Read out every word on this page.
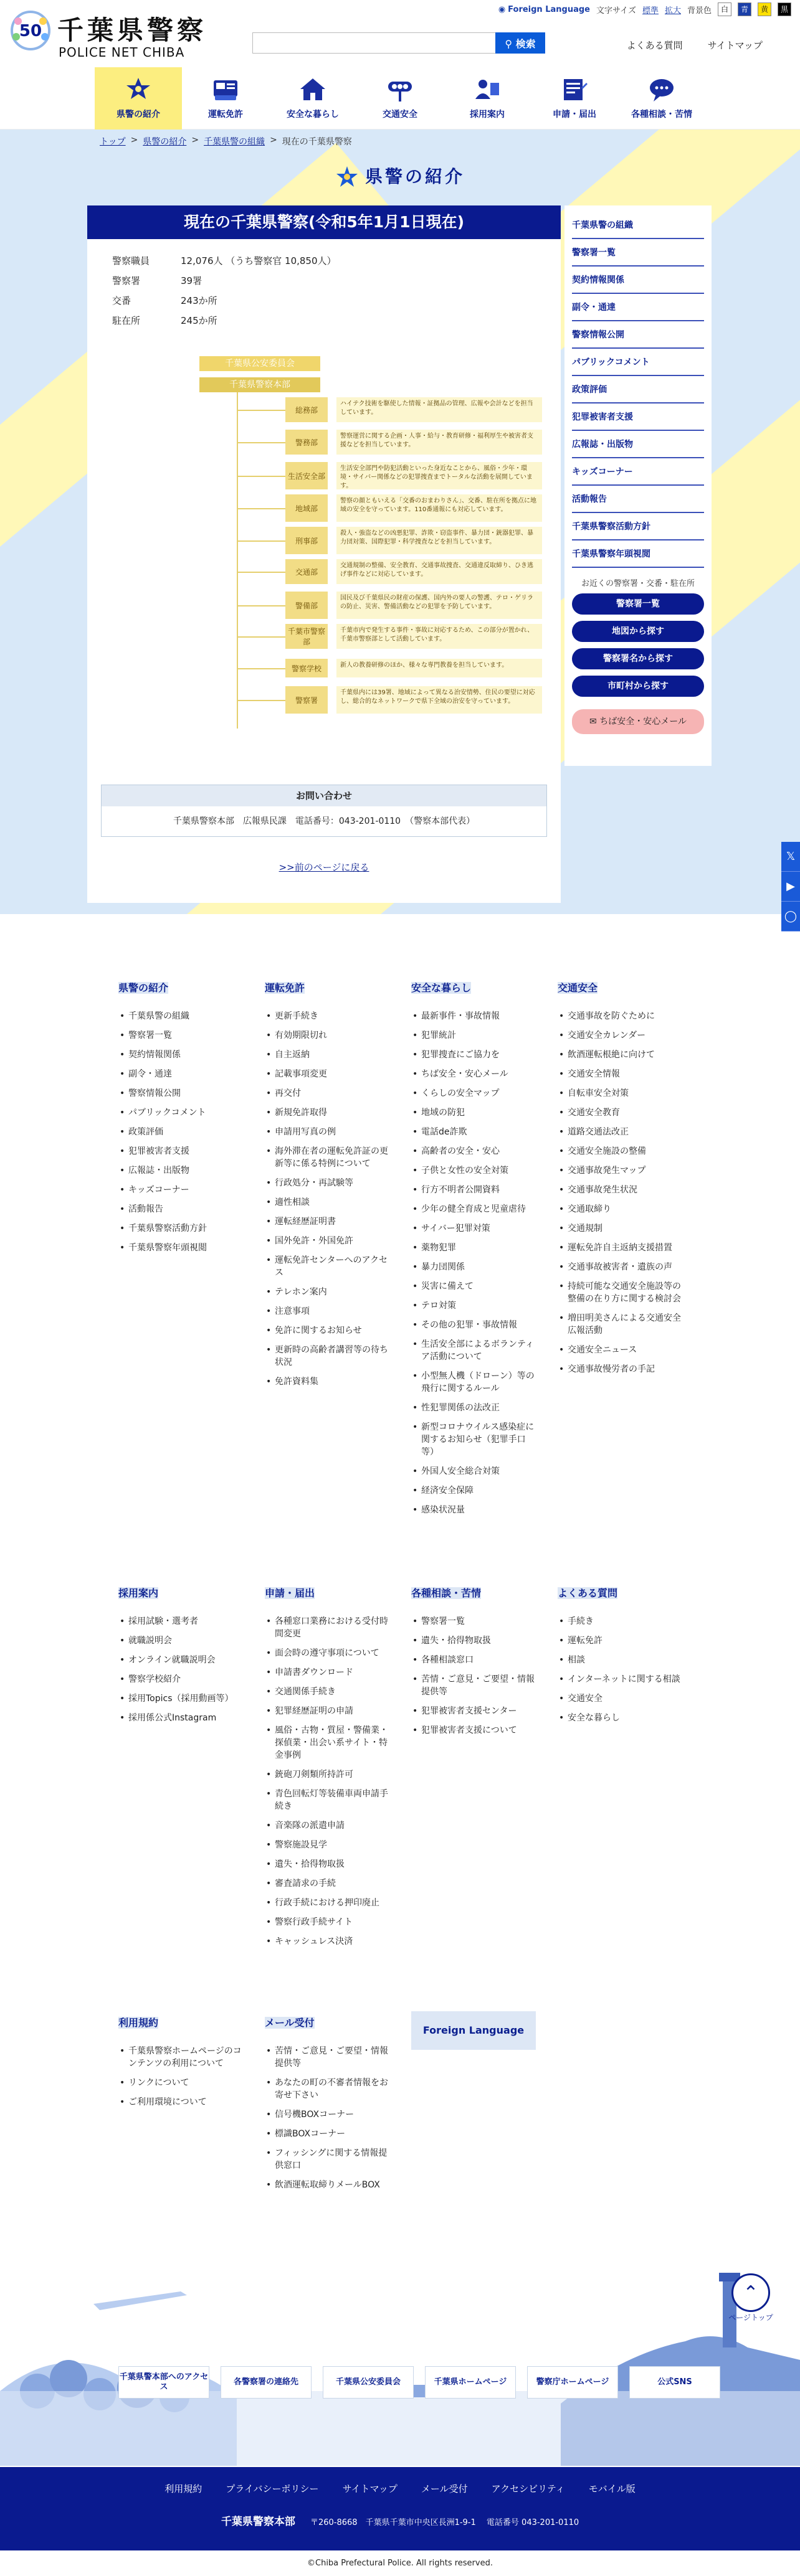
50 千葉県警察
POLICE NET CHIBA
◉ Foreign Language 文字サイズ 標準 拡大 背景色	白	青	黄	黒
⚲ 検索	よくある質問	サイトマップ
県警の紹介	運転免許	安全な暮らし	交通安全	採用案内	申請・届出	各種相談・苦情
トップ > 県警の紹介 > 千葉県警の組織 > 現在の千葉県警察
県警の紹介
現在の千葉県警察(令和5年1月1日現在)
警察職員	12,076人 （うち警察官 10,850人）
警察署	39署
交番	243か所
駐在所	245か所
千葉県公安委員会
千葉県警察本部
総務部
ハイテク技術を駆使した情報・証拠品の管理、広報や会計などを担当しています。
警務部
警察運営に関する企画・人事・給与・教育研修・福利厚生や被害者支援などを担当しています。
生活安全部
生活安全部門や防犯活動といった身近なことから、風俗・少年・環境・サイバー関係などの犯罪捜査までトータルな活動を展開しています。
地域部
警察の顔ともいえる「交番のおまわりさん」、交番、駐在所を拠点に地域の安全を守っています。110番通報にも対応しています。
刑事部
殺人・強盗などの凶悪犯罪、詐欺・窃盗事件、暴力団・銃器犯罪、暴力団対策、国際犯罪・科学捜査などを担当しています。
交通部
交通規制の整備、安全教育、交通事故捜査、交通違反取締り、ひき逃げ事件などに対応しています。
警備部
国民及び千葉県民の財産の保護、国内外の要人の警護、テロ・ゲリラの防止、災害、警備活動などの犯罪を予防しています。
千葉市警察部
千葉市内で発生する事件・事故に対応するため、この部分が置かれ、千葉市警察部として活動しています。
警察学校	新人の教養研修のほか、様々な専門教養を担当しています。
警察署
千葉県内には39署、地域によって異なる治安情勢、住民の要望に対応し、総合的なネットワークで県下全域の治安を守っています。
お問い合わせ
千葉県警察本部　広報県民課　電話番号：043-201-0110　（警察本部代表）
>>前のページに戻る
千葉県警の組織
警察署一覧
契約情報関係
副令・通達
警察情報公開
パブリックコメント
政策評価
犯罪被害者支援
広報誌・出版物
キッズコーナー
活動報告
千葉県警察活動方針
千葉県警察年頭視閲
お近くの警察署・交番・駐在所
警察署一覧
地図から探す
警察署名から探す
市町村から探す
✉ ちば安全・安心メール
𝕏
▶
◯
県警の紹介
• 千葉県警の組織
• 警察署一覧
• 契約情報関係
• 副令・通達
• 警察情報公開
• パブリックコメント
• 政策評価
• 犯罪被害者支援
• 広報誌・出版物
• キッズコーナー
• 活動報告
• 千葉県警察活動方針
• 千葉県警察年頭視閲
運転免許
• 更新手続き
• 有効期限切れ
• 自主返納
• 記載事項変更
• 再交付
• 新規免許取得
• 申請用写真の例
• 海外滞在者の運転免許証の更新等に係る特例について
• 行政処分・再試験等
• 適性相談
• 運転経歴証明書
• 国外免許・外国免許
• 運転免許センターへのアクセス
• テレホン案内
• 注意事項
• 免許に関するお知らせ
• 更新時の高齢者講習等の待ち状況
• 免許資料集
安全な暮らし
• 最新事件・事故情報
• 犯罪統計
• 犯罪捜査にご協力を
• ちば安全・安心メール
• くらしの安全マップ
• 地域の防犯
• 電話de詐欺
• 高齢者の安全・安心
• 子供と女性の安全対策
• 行方不明者公開資料
• 少年の健全育成と児童虐待
• サイバー犯罪対策
• 薬物犯罪
• 暴力団関係
• 災害に備えて
• テロ対策
• その他の犯罪・事故情報
• 生活安全部によるボランティア活動について
• 小型無人機（ドローン）等の飛行に関するルール
• 性犯罪関係の法改正
• 新型コロナウイルス感染症に関するお知らせ（犯罪手口等）
• 外国人安全総合対策
• 経済安全保障
• 感染状況量
交通安全
• 交通事故を防ぐために
• 交通安全カレンダー
• 飲酒運転根絶に向けて
• 交通安全情報
• 自転車安全対策
• 交通安全教育
• 道路交通法改正
• 交通安全施設の整備
• 交通事故発生マップ
• 交通事故発生状況
• 交通取締り
• 交通規制
• 運転免許自主返納支援措置
• 交通事故被害者・遺族の声
• 持続可能な交通安全施設等の整備の在り方に関する検討会
• 増田明美さんによる交通安全広報活動
• 交通安全ニュース
• 交通事故慢労者の手記
採用案内
• 採用試験・選考者
• 就職説明会
• オンライン就職説明会
• 警察学校紹介
• 採用Topics（採用動画等）
• 採用係公式Instagram
申請・届出
• 各種窓口業務における受付時間変更
• 面会時の遵守事項について
• 申請書ダウンロード
• 交通関係手続き
• 犯罪経歴証明の申請
• 風俗・古物・質屋・警備業・探偵業・出会い系サイト・特金事例
• 銃砲刀剣類所持許可
• 青色回転灯等装備車両申請手続き
• 音楽隊の派遣申請
• 警察施設見学
• 遺失・拾得物取扱
• 審査請求の手続
• 行政手続における押印廃止
• 警察行政手続サイト
• キャッシュレス決済
各種相談・苦情
• 警察署一覧
• 遺失・拾得物取扱
• 各種相談窓口
• 苦情・ご意見・ご要望・情報提供等
• 犯罪被害者支援センター
• 犯罪被害者支援について
よくある質問
• 手続き
• 運転免許
• 相談
• インターネットに関する相談
• 交通安全
• 安全な暮らし
利用規約
• 千葉県警察ホームページのコンテンツの利用について
• リンクについて
• ご利用環境について
メール受付
• 苦情・ご意見・ご要望・情報提供等
• あなたの町の不審者情報をお寄せ下さい
• 信号機BOXコーナー
• 標識BOXコーナー
• フィッシングに関する情報提供窓口
• 飲酒運転取締りメールBOX
Foreign Language
⌃
ページトップ
千葉県警本部へのアクセス
各警察署の連絡先	千葉県公安委員会	千葉県ホームページ	警察庁ホームページ	公式SNS
利用規約	プライバシーポリシー	サイトマップ	メール受付	アクセシビリティ	モバイル版
千葉県警察本部 〒260-8668　千葉県千葉市中央区長洲1-9-1　 電話番号 043-201-0110
©Chiba Prefectural Police. All rights reserved.
